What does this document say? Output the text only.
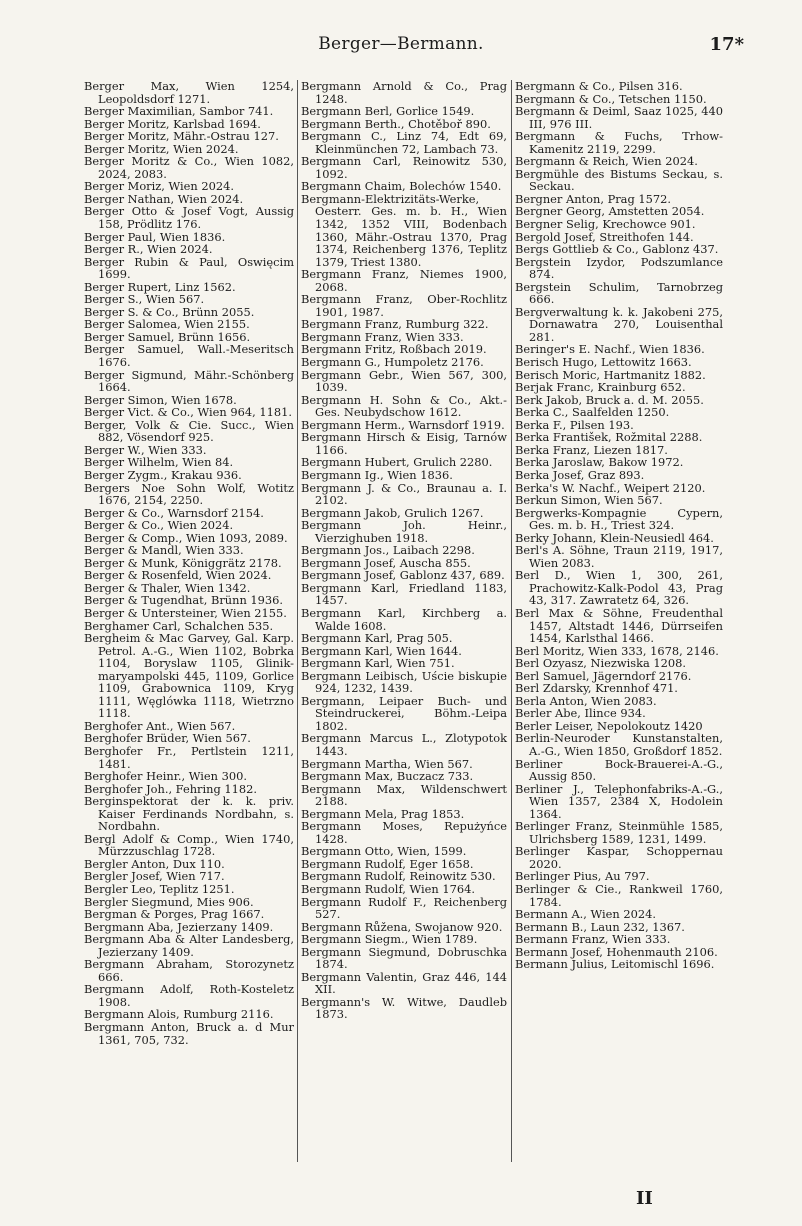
Berger—Bermann.	17*

Berger Max, Wien 1254, Leopoldsdorf 1271.

Berger Maximilian, Sambor 741.

Berger Moritz, Karlsbad 1694.

Berger Moritz, Mähr.-Ostrau 127.

Berger Moritz, Wien 2024.

Berger Moritz & Co., Wien 1082, 2024, 2083.

Berger Moriz, Wien 2024.

Berger Nathan, Wien 2024.

Berger Otto & Josef Vogt, Aussig 158, Prödlitz 176.

Berger Paul, Wien 1836.

Berger R., Wien 2024.

Berger Rubin & Paul, Oswięcim 1699.

Berger Rupert, Linz 1562.

Berger S., Wien 567.

Berger S. & Co., Brünn 2055.

Berger Salomea, Wien 2155.

Berger Samuel, Brünn 1656.

Berger Samuel, Wall.-Meseritsch 1676.

Berger Sigmund, Mähr.-Schönberg 1664.

Berger Simon, Wien 1678.

Berger Vict. & Co., Wien 964, 1181.

Berger, Volk & Cie. Succ., Wien 882, Vösendorf 925.

Berger W., Wien 333.

Berger Wilhelm, Wien 84.

Berger Zygm., Krakau 936.

Bergers Noe Sohn Wolf, Wotitz 1676, 2154, 2250.

Berger & Co., Warnsdorf 2154.

Berger & Co., Wien 2024.

Berger & Comp., Wien 1093, 2089.

Berger & Mandl, Wien 333.

Berger & Munk, Königgrätz 2178.

Berger & Rosenfeld, Wien 2024.

Berger & Thaler, Wien 1342.

Berger & Tugendhat, Brünn 1936.

Berger & Untersteiner, Wien 2155.

Berghamer Carl, Schalchen 535.

Bergheim & Mac Garvey, Gal. Karp. Petrol. A.-G., Wien 1102, Bobrka 1104, Boryslaw 1105, Glinik-maryampolski 445, 1109, Gorlice 1109, Grabownica 1109, Kryg 1111, Węglówka 1118, Wietrzno 1118.

Berghofer Ant., Wien 567.

Berghofer Brüder, Wien 567.

Berghofer Fr., Pertlstein 1211, 1481.

Berghofer Heinr., Wien 300.

Berghofer Joh., Fehring 1182.

Berginspektorat der k. k. priv. Kaiser Ferdinands Nordbahn, s. Nordbahn.

Bergl Adolf & Comp., Wien 1740, Mürzzuschlag 1728.

Bergler Anton, Dux 110.

Bergler Josef, Wien 717.

Bergler Leo, Teplitz 1251.

Bergler Siegmund, Mies 906.

Bergman & Porges, Prag 1667.

Bergmann Aba, Jezierzany 1409.

Bergmann Aba & Alter Landesberg, Jezierzany 1409.

Bergmann Abraham, Storozynetz 666.

Bergmann Adolf, Roth-Kosteletz 1908.

Bergmann Alois, Rumburg 2116.

Bergmann Anton, Bruck a. d Mur 1361, 705, 732.

Bergmann Arnold & Co., Prag 1248.

Bergmann Berl, Gorlice 1549.

Bergmann Berth., Chotěboř 890.

Bergmann C., Linz 74, Edt 69, Kleinmünchen 72, Lambach 73.

Bergmann Carl, Reinowitz 530, 1092.

Bergmann Chaim, Bolechów 1540.

Bergmann-Elektrizitäts-Werke, Oesterr. Ges. m. b. H., Wien 1342, 1352 VIII, Bodenbach 1360, Mähr.-Ostrau 1370, Prag 1374, Reichenberg 1376, Teplitz 1379, Triest 1380.

Bergmann Franz, Niemes 1900, 2068.

Bergmann Franz, Ober-Rochlitz 1901, 1987.

Bergmann Franz, Rumburg 322.

Bergmann Franz, Wien 333.

Bergmann Fritz, Roßbach 2019.

Bergmann G., Humpoletz 2176.

Bergmann Gebr., Wien 567, 300, 1039.

Bergmann H. Sohn & Co., Akt.-Ges. Neubydschow 1612.

Bergmann Herm., Warnsdorf 1919.

Bergmann Hirsch & Eisig, Tarnów 1166.

Bergmann Hubert, Grulich 2280.

Bergmann Ig., Wien 1836.

Bergmann J. & Co., Braunau a. I. 2102.

Bergmann Jakob, Grulich 1267.

Bergmann Joh. Heinr., Vierzighuben 1918.

Bergmann Jos., Laibach 2298.

Bergmann Josef, Auscha 855.

Bergmann Josef, Gablonz 437, 689.

Bergmann Karl, Friedland 1183, 1457.

Bergmann Karl, Kirchberg a. Walde 1608.

Bergmann Karl, Prag 505.

Bergmann Karl, Wien 1644.

Bergmann Karl, Wien 751.

Bergmann Leibisch, Uście biskupie 924, 1232, 1439.

Bergmann, Leipaer Buch- und Steindruckerei, Böhm.-Leipa 1802.

Bergmann Marcus L., Zlotypotok 1443.

Bergmann Martha, Wien 567.

Bergmann Max, Buczacz 733.

Bergmann Max, Wildenschwert 2188.

Bergmann Mela, Prag 1853.

Bergmann Moses, Repużyńce 1428.

Bergmann Otto, Wien, 1599.

Bergmann Rudolf, Eger 1658.

Bergmann Rudolf, Reinowitz 530.

Bergmann Rudolf, Wien 1764.

Bergmann Rudolf F., Reichenberg 527.

Bergmann Růžena, Swojanow 920.

Bergmann Siegm., Wien 1789.

Bergmann Siegmund, Dobruschka 1874.

Bergmann Valentin, Graz 446, 144 XII.

Bergmann's W. Witwe, Daudleb 1873.

Bergmann & Co., Pilsen 316.

Bergmann & Co., Tetschen 1150.

Bergmann & Deiml, Saaz 1025, 440 III, 976 III.

Bergmann & Fuchs, Trhow-Kamenitz 2119, 2299.

Bergmann & Reich, Wien 2024.

Bergmühle des Bistums Seckau, s. Seckau.

Bergner Anton, Prag 1572.

Bergner Georg, Amstetten 2054.

Bergner Selig, Krechowce 901.

Bergold Josef, Streithofen 144.

Bergs Gottlieb & Co., Gablonz 437.

Bergstein Izydor, Podszumlance 874.

Bergstein Schulim, Tarnobrzeg 666.

Bergverwaltung k. k. Jakobeni 275, Dornawatra 270, Louisenthal 281.

Beringer's E. Nachf., Wien 1836.

Berisch Hugo, Lettowitz 1663.

Berisch Moric, Hartmanitz 1882.

Berjak Franc, Krainburg 652.

Berk Jakob, Bruck a. d. M. 2055.

Berka C., Saalfelden 1250.

Berka F., Pilsen 193.

Berka František, Rožmital 2288.

Berka Franz, Liezen 1817.

Berka Jaroslaw, Bakow 1972.

Berka Josef, Graz 893.

Berka's W. Nachf., Weipert 2120.

Berkun Simon, Wien 567.

Bergwerks-Kompagnie Cypern, Ges. m. b. H., Triest 324.

Berky Johann, Klein-Neusiedl 464.

Berl's A. Söhne, Traun 2119, 1917, Wien 2083.

Berl D., Wien 1, 300, 261, Prachowitz-Kalk-Podol 43, Prag 43, 317. Zawratetz 64, 326.

Berl Max & Söhne, Freudenthal 1457, Altstadt 1446, Dürrseifen 1454, Karlsthal 1466.

Berl Moritz, Wien 333, 1678, 2146.

Berl Ozyasz, Niezwiska 1208.

Berl Samuel, Jägerndorf 2176.

Berl Zdarsky, Krennhof 471.

Berla Anton, Wien 2083.

Berler Abe, Ilince 934.

Berler Leiser, Nepolokoutz 1420

Berlin-Neuroder Kunstanstalten, A.-G., Wien 1850, Großdorf 1852.

Berliner Bock-Brauerei-A.-G., Aussig 850.

Berliner J., Telephonfabriks-A.-G., Wien 1357, 2384 X, Hodolein 1364.

Berlinger Franz, Steinmühle 1585, Ulrichsberg 1589, 1231, 1499.

Berlinger Kaspar, Schoppernau 2020.

Berlinger Pius, Au 797.

Berlinger & Cie., Rankweil 1760, 1784.

Bermann A., Wien 2024.

Bermann B., Laun 232, 1367.

Bermann Franz, Wien 333.

Bermann Josef, Hohenmauth 2106.

Bermann Julius, Leitomischl 1696.

II
